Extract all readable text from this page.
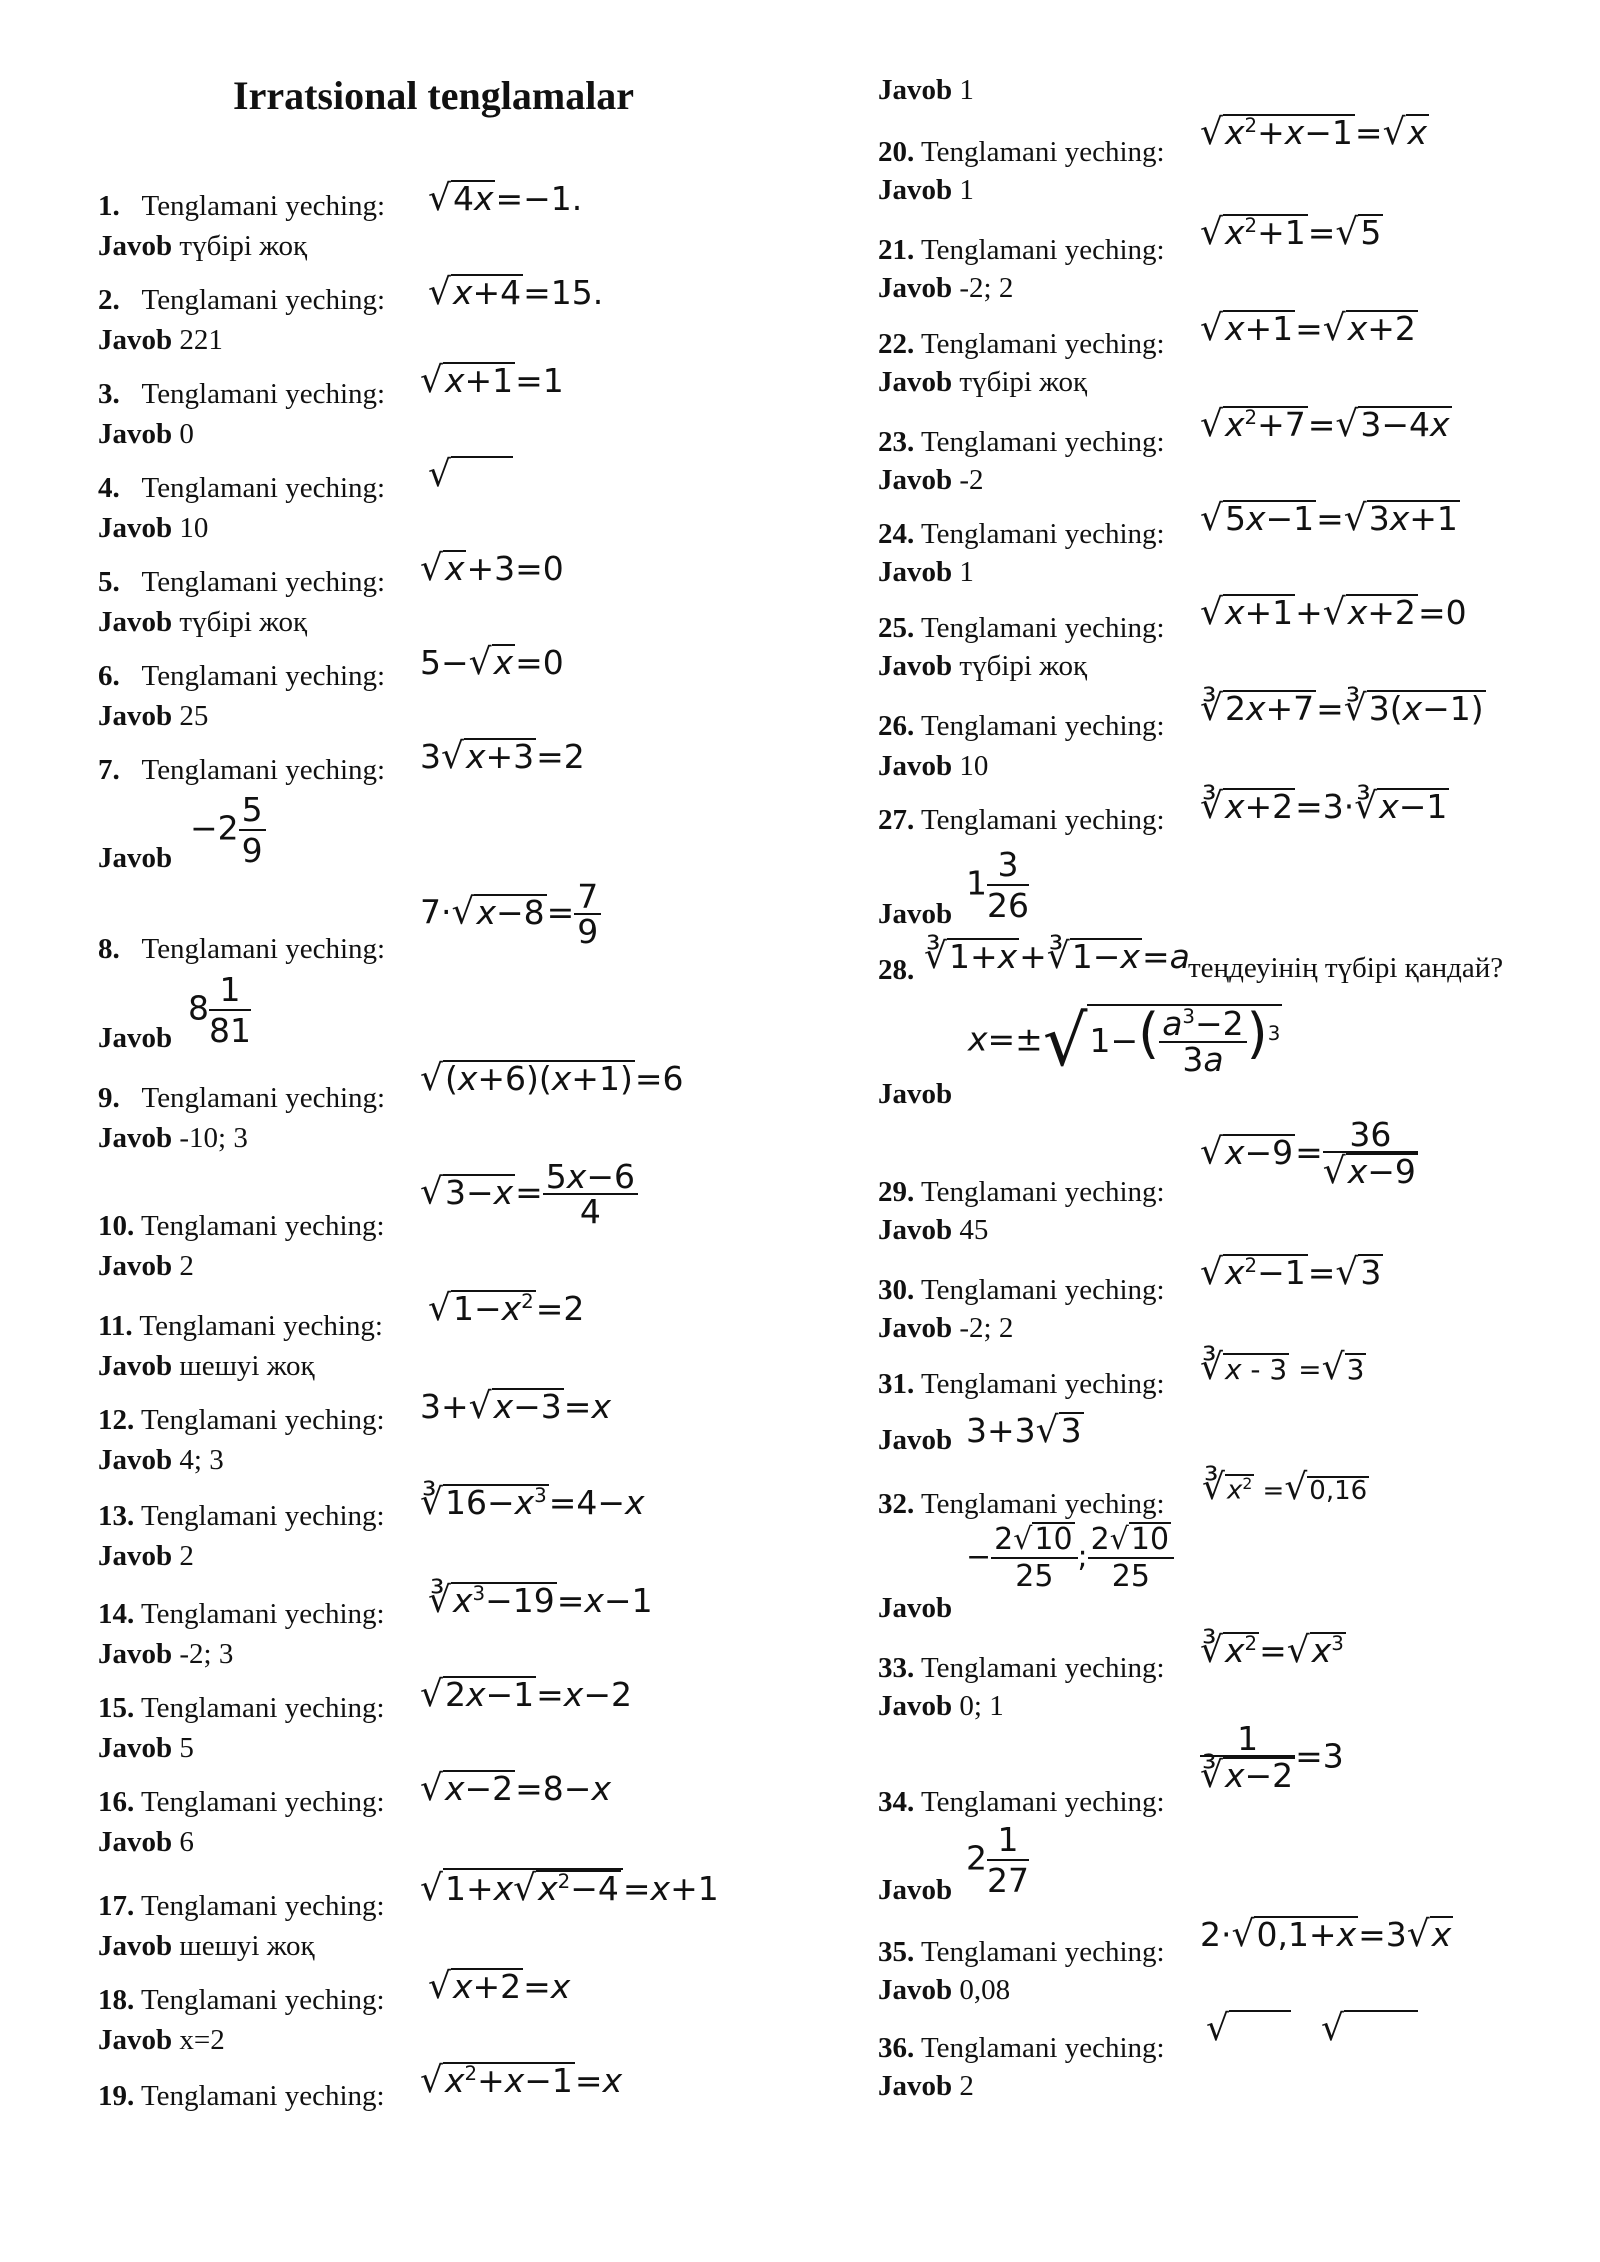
Irratsional tenglamalar
1. Tenglamani yeching: √4x=−1.
Javob түбірі жоқ
2. Tenglamani yeching: √x+4=15.
Javob 221
3. Tenglamani yeching: √x+1=1
Javob 0
4. Tenglamani yeching: √
Javob 10
5. Tenglamani yeching: √x+3=0
Javob түбірі жоқ
6. Tenglamani yeching: 5−√x=0
Javob 25
7. Tenglamani yeching: 3√x+3=2
Javob
$-2 \frac{5}{9}$
$7\cdot√x-8= \frac{7}{9}$
8. Tenglamani yeching:
Javob
$8 \frac{1}{81}$
9. Tenglamani yeching: √(x+6)(x+1)=6
Javob -10; 3
$√3-x= \frac{5x-6}{4}$
10. Tenglamani yeching:
Javob 2
11. Tenglamani yeching: $√1-x^2=2$
Javob шешуі жоқ
12. Tenglamani yeching: 3+√x−3=x
Javob 4; 3
13. Tenglamani yeching: $∛16-x^3=4-x$
Javob 2
14. Tenglamani yeching: $∛x^3-19=x-1$
Javob -2; 3
15. Tenglamani yeching: √2x−1=x−2
Javob 5
16. Tenglamani yeching: √x−2=8−x
Javob 6
17. Tenglamani yeching: $√1+x√x^2-4 =x+1$
Javob шешуі жоқ
18. Tenglamani yeching: √x+2=x
Javob x=2
19. Tenglamani yeching: $√x^2+x-1=x$
Javob 1
20. Tenglamani yeching: $√x^2+x-1=√x$
Javob 1
21. Tenglamani yeching: $√x^2+1=√5$
Javob -2; 2
22. Tenglamani yeching: √x+1=√x+2
Javob түбірі жоқ
23. Tenglamani yeching: $√x^2+7=√3-4x$
Javob -2
24. Tenglamani yeching: √5x−1=√3x+1
Javob 1
25. Tenglamani yeching: √x+1+√x+2=0
Javob түбірі жоқ
26. Tenglamani yeching: ∛2x+7=∛3(x−1)
Javob 10
27. Tenglamani yeching: ∛x+2=3·∛x−1
Javob
$1 \frac{3}{26}$
28. ∛1+x+∛1−x=a
теңдеуінің түбірі қандай?
Javob
$x=\pm√1-( \frac{a^3-2}{3a} )^3$
$√x-9= \frac{36}{√x-9}$
29. Tenglamani yeching:
Javob 45
30. Tenglamani yeching: $√x^2-1=√3$
Javob -2; 2
31. Tenglamani yeching: ∛x - 3 =√3
Javob 3+3√3
32. Tenglamani yeching: $∛x^2 =√0,16$
Javob
− $\frac{2√10}{25}$ ; $\frac{2√10}{25}$
33. Tenglamani yeching: $∛x^2=√x^3$
Javob 0; 1
$\frac{1}{∛x-2} =3$
34. Tenglamani yeching:
Javob
$2 \frac{1}{27}$
35. Tenglamani yeching: 2·√0,1+x=3√x
Javob 0,08
36. Tenglamani yeching: √	√
Javob 2
